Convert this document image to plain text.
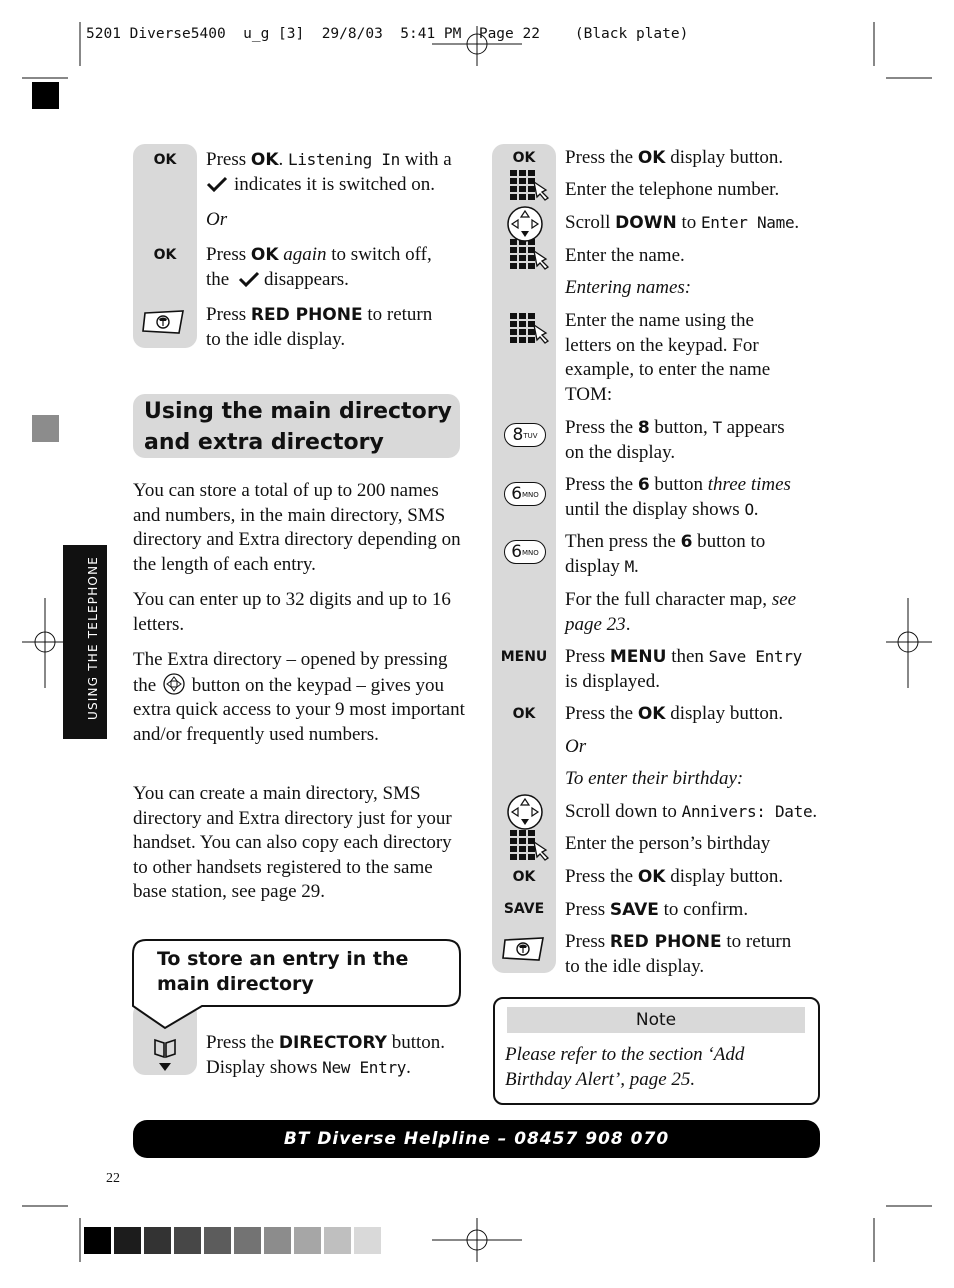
5201 Diverse5400  u_g [3]  29/8/03  5:41 PM  Page 22    (Black plate)
USING THE TELEPHONE
OK
OK
Press OK. Listening In with a
indicates it is switched on.
Or
Press OK again to switch off,
the disappears.
Press RED PHONE to return
to the idle display.
Using the main directory
and extra directory
You can store a total of up to 200 names and numbers, in the main directory, SMS directory and Extra directory depending on the length of each entry.
You can enter up to 32 digits and up to 16 letters.
The Extra directory – opened by pressing the button on the keypad – gives you extra quick access to your 9 most important and/or frequently used numbers.
You can create a main directory, SMS directory and Extra directory just for your handset. You can also copy each directory to other handsets registered to the same base station, see page 29.
To store an entry in the
main directory
Press the DIRECTORY button.
Display shows New Entry.
OK
MENU
OK
OK
SAVE
8TUV
6MNO
6MNO
Press the OK display button.
Enter the telephone number.
Scroll DOWN to Enter Name.
Enter the name.
Entering names:
Enter the name using the letters on the keypad. For example, to enter the name TOM:
Press the 8 button, T appears
on the display.
Press the 6 button three times
until the display shows O.
Then press the 6 button to
display M.
For the full character map, see
page 23.
Press MENU then Save Entry
is displayed.
Press the OK display button.
Or
To enter their birthday:
Scroll down to Annivers: Date.
Enter the person’s birthday
Press the OK display button.
Press SAVE to confirm.
Press RED PHONE to return
to the idle display.
Note
Please refer to the section ‘Add Birthday Alert’, page 25.
BT Diverse Helpline – 08457 908 070
22
